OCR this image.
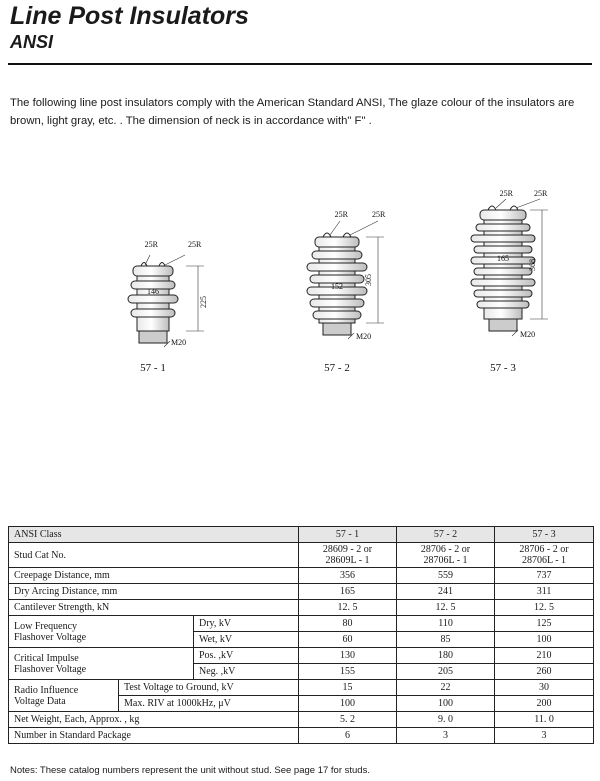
Line Post Insulators
ANSI
The following line post insulators comply with the American Standard ANSI, The glaze colour of the insulators are brown, light gray, etc. . The dimension of neck is in accordance with" F" .
25R	25R
146
225
M20
57 - 1
25R	25R
152
305
M20
57 - 2
25R	25R
165
368
M20
57 - 3
ANSI Class			57 - 1	57 - 2	57 - 3
Stud Cat No.			28609 - 2 or
28609L - 1	28706 - 2 or
28706L - 1	28706 - 2 or
28706L - 1
Creepage Distance, mm			356	559	737
Dry Arcing Distance, mm			165	241	311
Cantilever Strength, kN			12. 5	12. 5	12. 5
Low Frequency
Flashover Voltage		Dry, kV	80	110	125
		Wet, kV	60	85	100
Critical Impulse
Flashover Voltage		Pos. ,kV	130	180	210
		Neg. ,kV	155	205	260
Radio Influence
Voltage Data	Test Voltage to Ground, kV		15	22	30
	Max. RIV at 1000kHz, μV		100	100	200
Net Weight, Each, Approx. , kg			5. 2	9. 0	11. 0
Number in Standard Package			6	3	3
Notes: These catalog numbers represent the unit without stud. See page 17 for studs.
